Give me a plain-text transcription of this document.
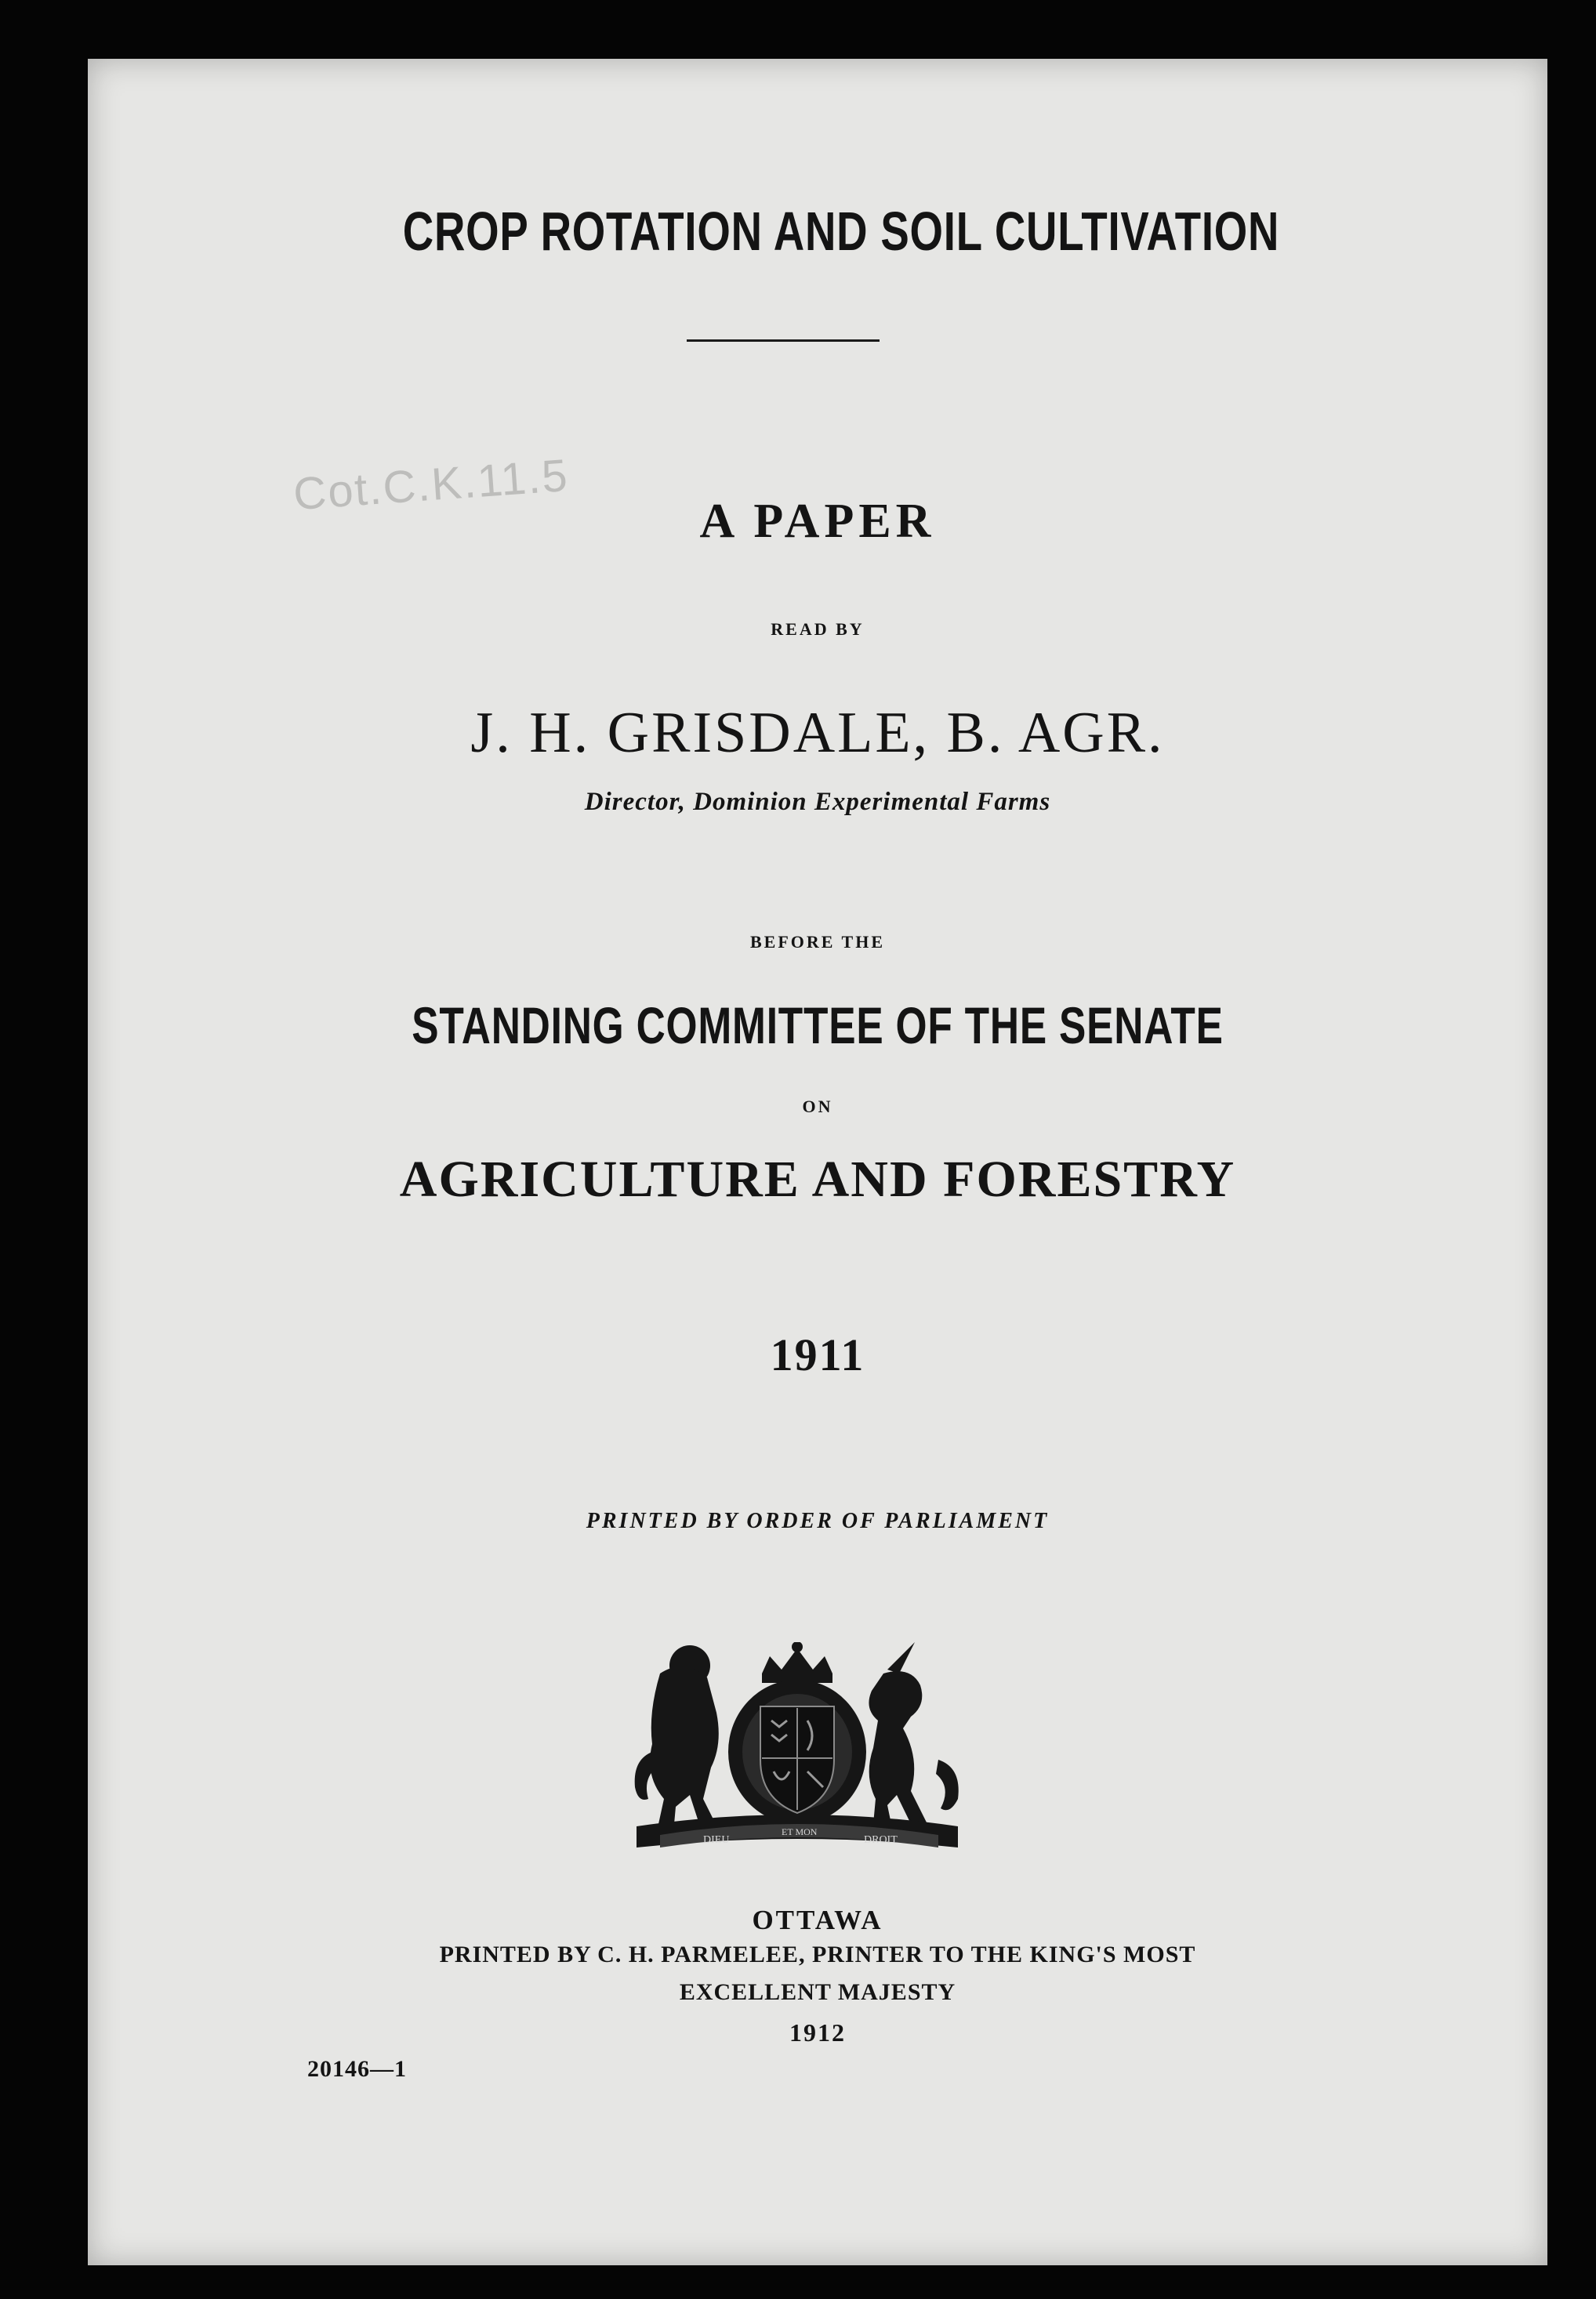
CROP ROTATION AND SOIL CULTIVATION
Cot.C.K.11.5
A PAPER
READ BY
J. H. GRISDALE, B. AGR.
Director, Dominion Experimental Farms
BEFORE THE
STANDING COMMITTEE OF THE SENATE
ON
AGRICULTURE AND FORESTRY
1911
PRINTED BY ORDER OF PARLIAMENT
DIEU
ET MON
DROIT
OTTAWA
PRINTED BY C. H. PARMELEE, PRINTER TO THE KING'S MOST
EXCELLENT MAJESTY
1912
20146—1
